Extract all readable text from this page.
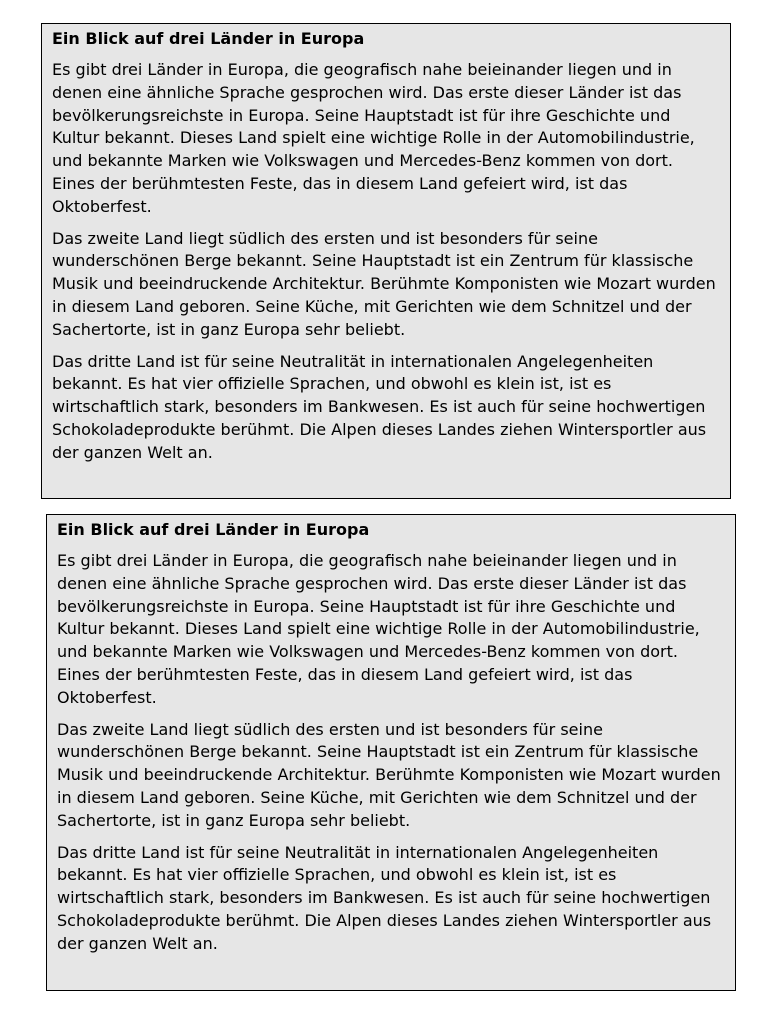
Ein Blick auf drei Länder in Europa

Es gibt drei Länder in Europa, die geografisch nahe beieinander liegen und in denen eine ähnliche Sprache gesprochen wird. Das erste dieser Länder ist das bevölkerungsreichste in Europa. Seine Hauptstadt ist für ihre Geschichte und Kultur bekannt. Dieses Land spielt eine wichtige Rolle in der Automobilindustrie, und bekannte Marken wie Volkswagen und Mercedes-Benz kommen von dort. Eines der berühmtesten Feste, das in diesem Land gefeiert wird, ist das Oktoberfest.

Das zweite Land liegt südlich des ersten und ist besonders für seine wunderschönen Berge bekannt. Seine Hauptstadt ist ein Zentrum für klassische Musik und beeindruckende Architektur. Berühmte Komponisten wie Mozart wurden in diesem Land geboren. Seine Küche, mit Gerichten wie dem Schnitzel und der Sachertorte, ist in ganz Europa sehr beliebt.

Das dritte Land ist für seine Neutralität in internationalen Angelegenheiten bekannt. Es hat vier offizielle Sprachen, und obwohl es klein ist, ist es wirtschaftlich stark, besonders im Bankwesen. Es ist auch für seine hochwertigen Schokoladeprodukte berühmt. Die Alpen dieses Landes ziehen Wintersportler aus der ganzen Welt an.

Ein Blick auf drei Länder in Europa

Es gibt drei Länder in Europa, die geografisch nahe beieinander liegen und in denen eine ähnliche Sprache gesprochen wird. Das erste dieser Länder ist das bevölkerungsreichste in Europa. Seine Hauptstadt ist für ihre Geschichte und Kultur bekannt. Dieses Land spielt eine wichtige Rolle in der Automobilindustrie, und bekannte Marken wie Volkswagen und Mercedes-Benz kommen von dort. Eines der berühmtesten Feste, das in diesem Land gefeiert wird, ist das Oktoberfest.

Das zweite Land liegt südlich des ersten und ist besonders für seine wunderschönen Berge bekannt. Seine Hauptstadt ist ein Zentrum für klassische Musik und beeindruckende Architektur. Berühmte Komponisten wie Mozart wurden in diesem Land geboren. Seine Küche, mit Gerichten wie dem Schnitzel und der Sachertorte, ist in ganz Europa sehr beliebt.

Das dritte Land ist für seine Neutralität in internationalen Angelegenheiten bekannt. Es hat vier offizielle Sprachen, und obwohl es klein ist, ist es wirtschaftlich stark, besonders im Bankwesen. Es ist auch für seine hochwertigen Schokoladeprodukte berühmt. Die Alpen dieses Landes ziehen Wintersportler aus der ganzen Welt an.
